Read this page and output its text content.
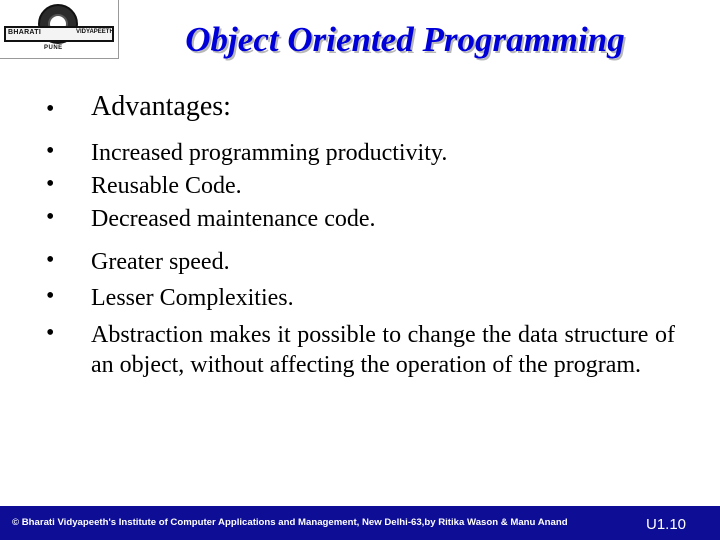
BHARATI	VIDYAPEETH
PUNE	Object Oriented Programming
• Advantages:
• Increased programming productivity.
• Reusable Code.
• Decreased maintenance code.
• Greater speed.
• Lesser Complexities.
• Abstraction makes it possible to change the data structure of an object, without affecting the operation of the program.
© Bharati Vidyapeeth's Institute of Computer Applications and Management, New Delhi-63,by Ritika Wason & Manu Anand	U1.10
